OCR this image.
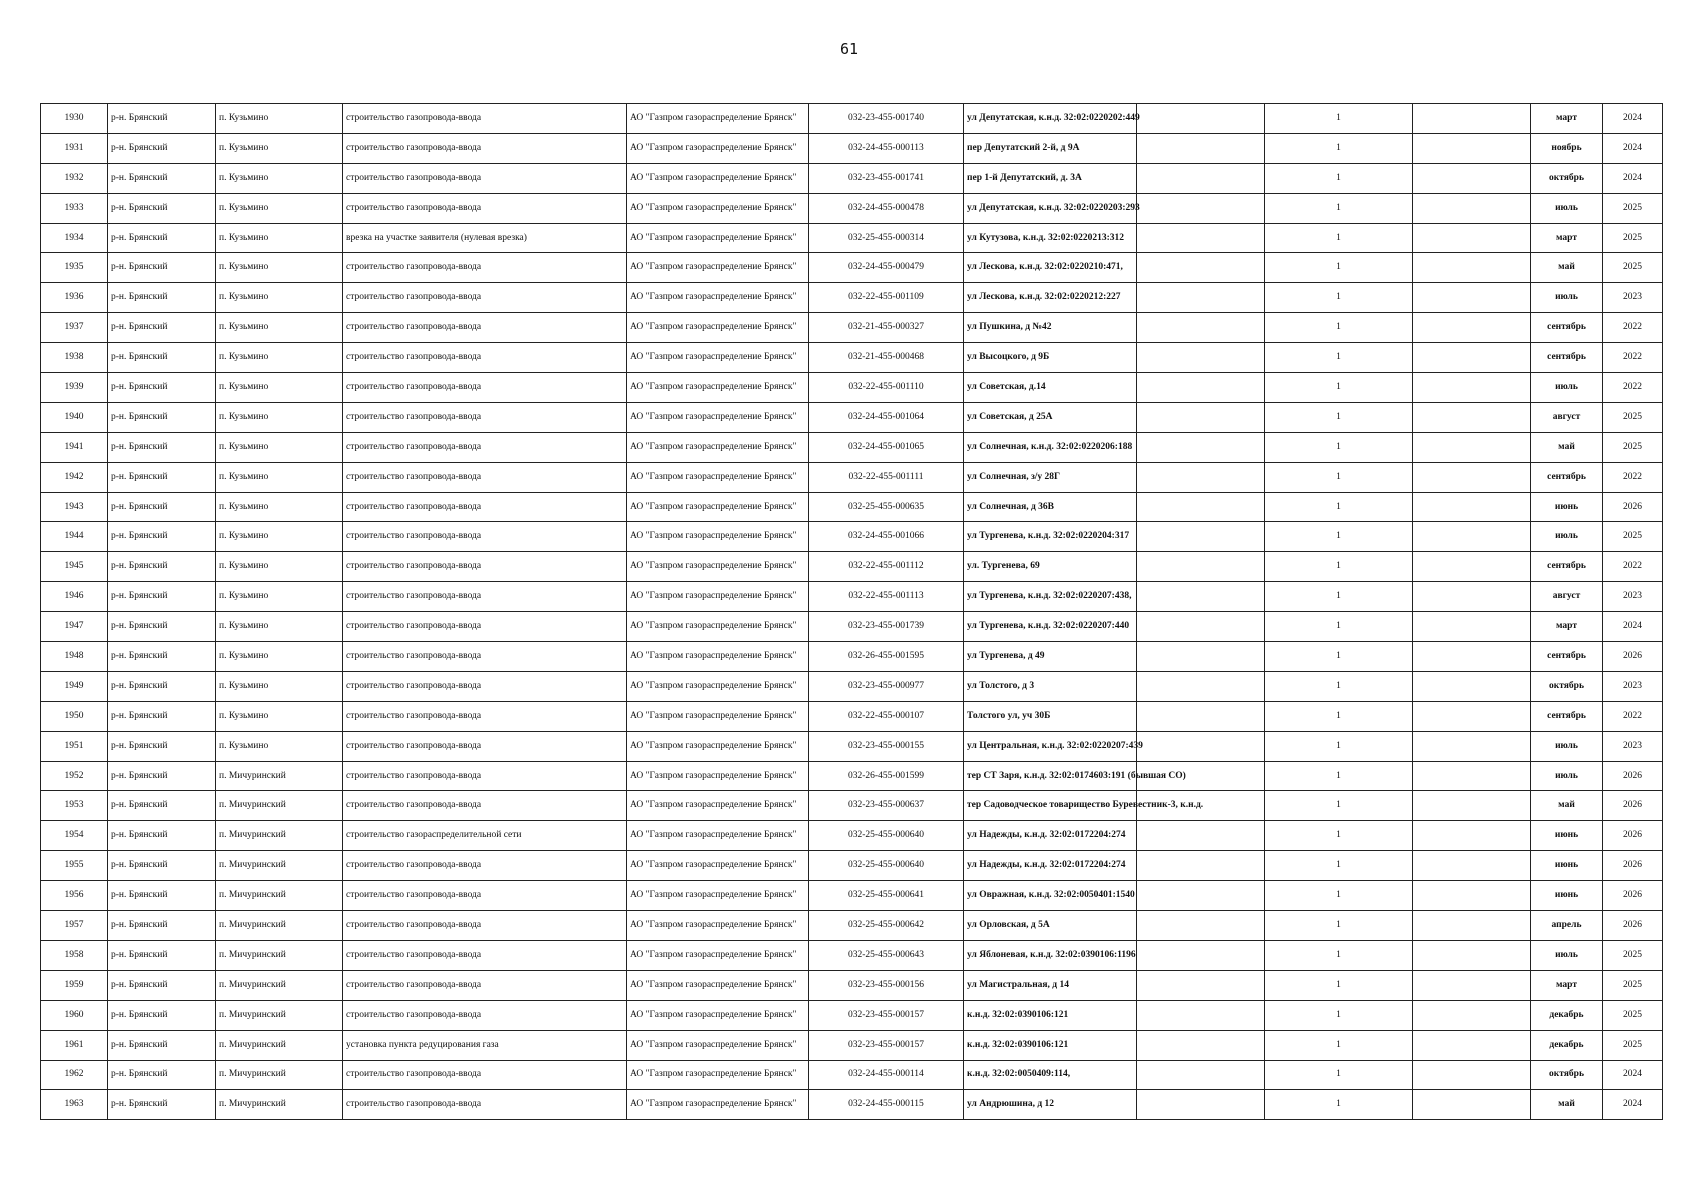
61
1930	р-н. Брянский	п. Кузьмино	строительство газопровода-ввода	АО "Газпром газораспределение Брянск"	032-23-455-001740	ул Депутатская, к.н.д. 32:02:0220202:449		1		март	2024
1931	р-н. Брянский	п. Кузьмино	строительство газопровода-ввода	АО "Газпром газораспределение Брянск"	032-24-455-000113	пер Депутатский 2-й, д 9А		1		ноябрь	2024
1932	р-н. Брянский	п. Кузьмино	строительство газопровода-ввода	АО "Газпром газораспределение Брянск"	032-23-455-001741	пер 1-й Депутатский, д. 3А		1		октябрь	2024
1933	р-н. Брянский	п. Кузьмино	строительство газопровода-ввода	АО "Газпром газораспределение Брянск"	032-24-455-000478	ул Депутатская, к.н.д. 32:02:0220203:293		1		июль	2025
1934	р-н. Брянский	п. Кузьмино	врезка на участке заявителя (нулевая врезка)	АО "Газпром газораспределение Брянск"	032-25-455-000314	ул Кутузова, к.н.д. 32:02:0220213:312		1		март	2025
1935	р-н. Брянский	п. Кузьмино	строительство газопровода-ввода	АО "Газпром газораспределение Брянск"	032-24-455-000479	ул Лескова, к.н.д. 32:02:0220210:471,		1		май	2025
1936	р-н. Брянский	п. Кузьмино	строительство газопровода-ввода	АО "Газпром газораспределение Брянск"	032-22-455-001109	ул Лескова, к.н.д. 32:02:0220212:227		1		июль	2023
1937	р-н. Брянский	п. Кузьмино	строительство газопровода-ввода	АО "Газпром газораспределение Брянск"	032-21-455-000327	ул Пушкина, д №42		1		сентябрь	2022
1938	р-н. Брянский	п. Кузьмино	строительство газопровода-ввода	АО "Газпром газораспределение Брянск"	032-21-455-000468	ул Высоцкого, д 9Б		1		сентябрь	2022
1939	р-н. Брянский	п. Кузьмино	строительство газопровода-ввода	АО "Газпром газораспределение Брянск"	032-22-455-001110	ул Советская, д.14		1		июль	2022
1940	р-н. Брянский	п. Кузьмино	строительство газопровода-ввода	АО "Газпром газораспределение Брянск"	032-24-455-001064	ул Советская, д 25А		1		август	2025
1941	р-н. Брянский	п. Кузьмино	строительство газопровода-ввода	АО "Газпром газораспределение Брянск"	032-24-455-001065	ул Солнечная, к.н.д. 32:02:0220206:188		1		май	2025
1942	р-н. Брянский	п. Кузьмино	строительство газопровода-ввода	АО "Газпром газораспределение Брянск"	032-22-455-001111	ул Солнечная, з/у 28Г		1		сентябрь	2022
1943	р-н. Брянский	п. Кузьмино	строительство газопровода-ввода	АО "Газпром газораспределение Брянск"	032-25-455-000635	ул Солнечная, д 36В		1		июнь	2026
1944	р-н. Брянский	п. Кузьмино	строительство газопровода-ввода	АО "Газпром газораспределение Брянск"	032-24-455-001066	ул Тургенева, к.н.д. 32:02:0220204:317		1		июль	2025
1945	р-н. Брянский	п. Кузьмино	строительство газопровода-ввода	АО "Газпром газораспределение Брянск"	032-22-455-001112	ул. Тургенева, 69		1		сентябрь	2022
1946	р-н. Брянский	п. Кузьмино	строительство газопровода-ввода	АО "Газпром газораспределение Брянск"	032-22-455-001113	ул Тургенева, к.н.д. 32:02:0220207:438,		1		август	2023
1947	р-н. Брянский	п. Кузьмино	строительство газопровода-ввода	АО "Газпром газораспределение Брянск"	032-23-455-001739	ул Тургенева, к.н.д. 32:02:0220207:440		1		март	2024
1948	р-н. Брянский	п. Кузьмино	строительство газопровода-ввода	АО "Газпром газораспределение Брянск"	032-26-455-001595	ул Тургенева, д 49		1		сентябрь	2026
1949	р-н. Брянский	п. Кузьмино	строительство газопровода-ввода	АО "Газпром газораспределение Брянск"	032-23-455-000977	ул Толстого, д 3		1		октябрь	2023
1950	р-н. Брянский	п. Кузьмино	строительство газопровода-ввода	АО "Газпром газораспределение Брянск"	032-22-455-000107	Толстого ул, уч 30Б		1		сентябрь	2022
1951	р-н. Брянский	п. Кузьмино	строительство газопровода-ввода	АО "Газпром газораспределение Брянск"	032-23-455-000155	ул Центральная, к.н.д. 32:02:0220207:439		1		июль	2023
1952	р-н. Брянский	п. Мичуринский	строительство газопровода-ввода	АО "Газпром газораспределение Брянск"	032-26-455-001599	тер СТ Заря, к.н.д. 32:02:0174603:191 (бывшая СО)		1		июль	2026
1953	р-н. Брянский	п. Мичуринский	строительство газопровода-ввода	АО "Газпром газораспределение Брянск"	032-23-455-000637	тер Садоводческое товарищество Буревестник-3, к.н.д.		1		май	2026
1954	р-н. Брянский	п. Мичуринский	строительство газораспределительной сети	АО "Газпром газораспределение Брянск"	032-25-455-000640	ул Надежды, к.н.д. 32:02:0172204:274		1		июнь	2026
1955	р-н. Брянский	п. Мичуринский	строительство газопровода-ввода	АО "Газпром газораспределение Брянск"	032-25-455-000640	ул Надежды, к.н.д. 32:02:0172204:274		1		июнь	2026
1956	р-н. Брянский	п. Мичуринский	строительство газопровода-ввода	АО "Газпром газораспределение Брянск"	032-25-455-000641	ул Овражная, к.н.д. 32:02:0050401:1540		1		июнь	2026
1957	р-н. Брянский	п. Мичуринский	строительство газопровода-ввода	АО "Газпром газораспределение Брянск"	032-25-455-000642	ул Орловская, д 5А		1		апрель	2026
1958	р-н. Брянский	п. Мичуринский	строительство газопровода-ввода	АО "Газпром газораспределение Брянск"	032-25-455-000643	ул Яблоневая, к.н.д. 32:02:0390106:1196		1		июль	2025
1959	р-н. Брянский	п. Мичуринский	строительство газопровода-ввода	АО "Газпром газораспределение Брянск"	032-23-455-000156	ул Магистральная, д 14		1		март	2025
1960	р-н. Брянский	п. Мичуринский	строительство газопровода-ввода	АО "Газпром газораспределение Брянск"	032-23-455-000157	к.н.д. 32:02:0390106:121		1		декабрь	2025
1961	р-н. Брянский	п. Мичуринский	установка пункта редуцирования газа	АО "Газпром газораспределение Брянск"	032-23-455-000157	к.н.д. 32:02:0390106:121		1		декабрь	2025
1962	р-н. Брянский	п. Мичуринский	строительство газопровода-ввода	АО "Газпром газораспределение Брянск"	032-24-455-000114	к.н.д. 32:02:0050409:114,		1		октябрь	2024
1963	р-н. Брянский	п. Мичуринский	строительство газопровода-ввода	АО "Газпром газораспределение Брянск"	032-24-455-000115	ул Андрюшина, д 12		1		май	2024
